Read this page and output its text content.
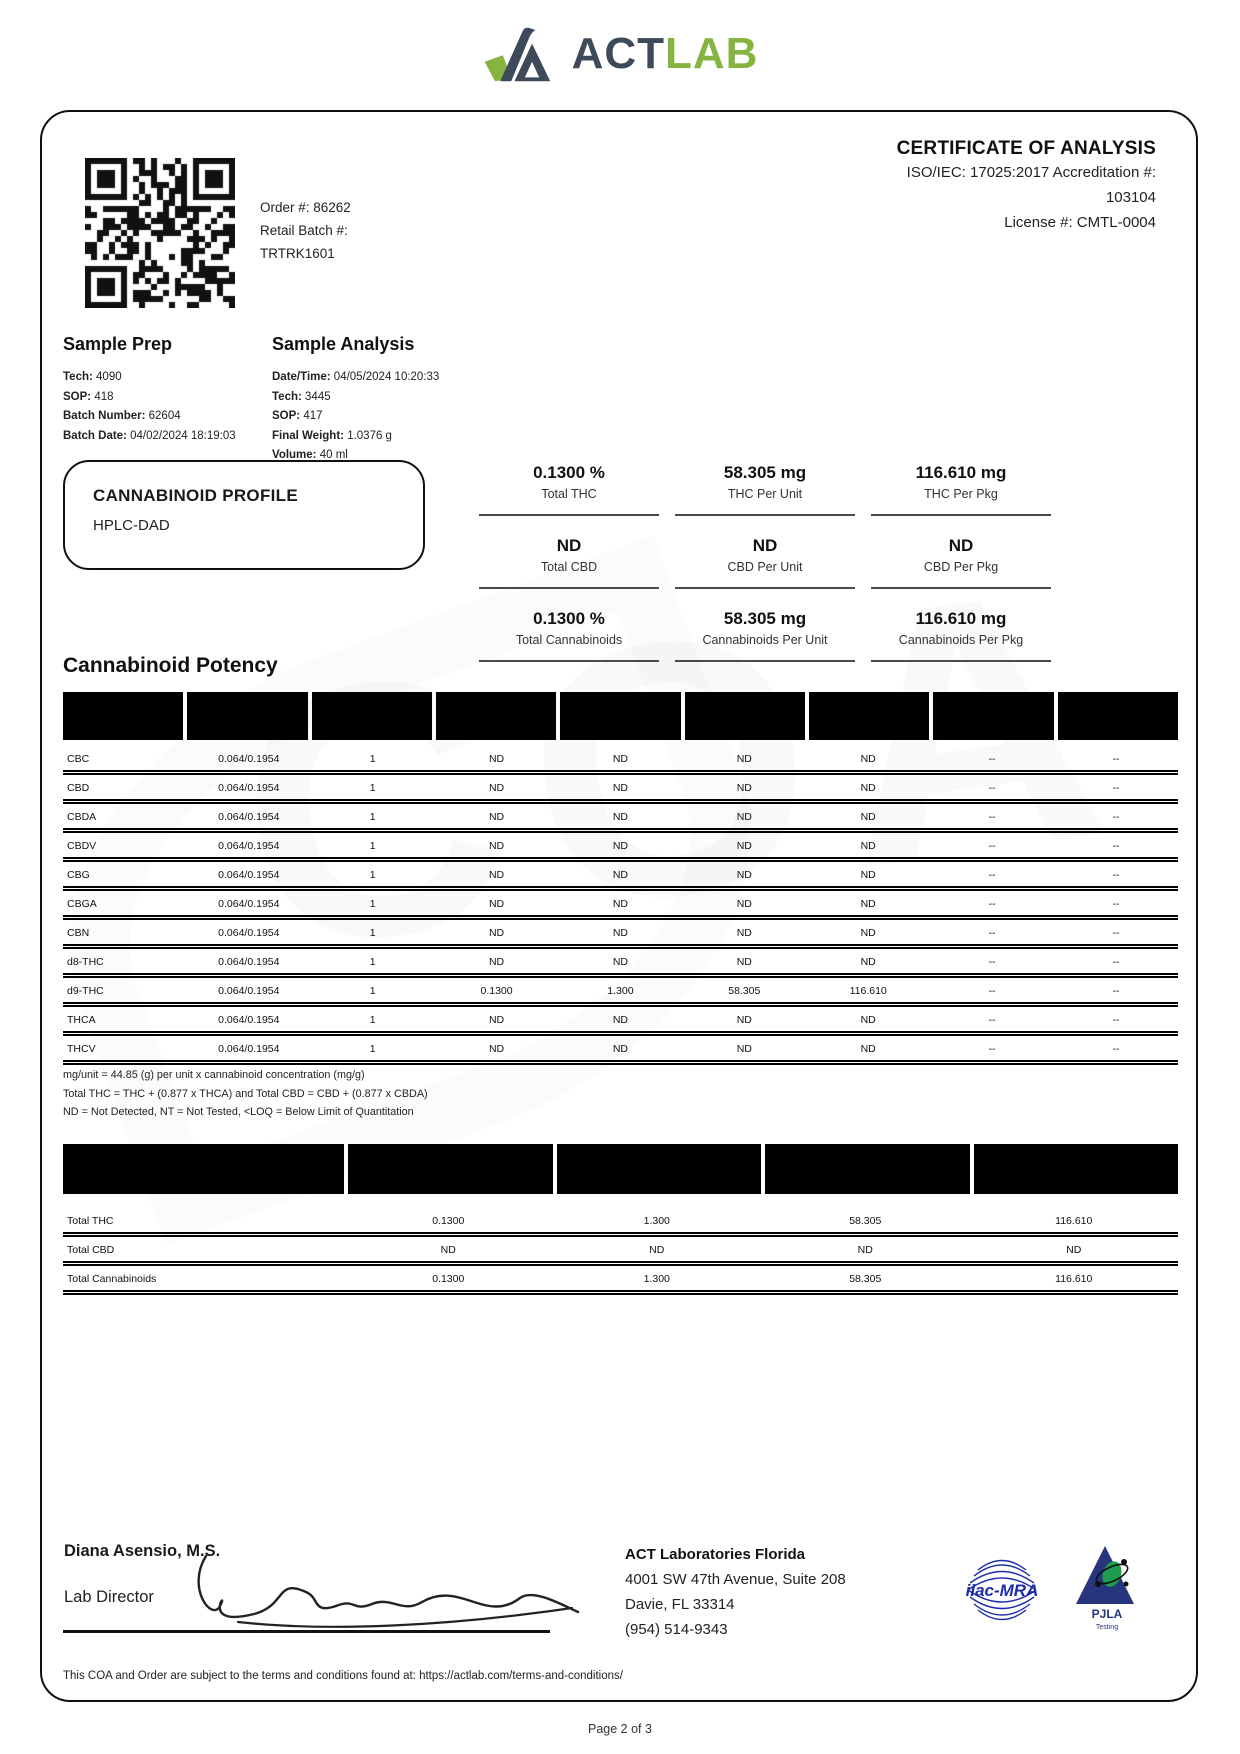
ACTLAB
Order #: 86262
Retail Batch #:
TRTRK1601
CERTIFICATE OF ANALYSIS
ISO/IEC: 17025:2017 Accreditation #:
103104
License #: CMTL-0004
Sample Prep
Tech: 4090
SOP: 418
Batch Number: 62604
Batch Date: 04/02/2024 18:19:03
Sample Analysis
Date/Time: 04/05/2024 10:20:33
Tech: 3445
SOP: 417
Final Weight: 1.0376 g
Volume: 40 ml
CANNABINOID PROFILE
HPLC-DAD
0.1300 %
Total THC
58.305 mg
THC Per Unit
116.610 mg
THC Per Pkg
ND
Total CBD
ND
CBD Per Unit
ND
CBD Per Pkg
0.1300 %
Total Cannabinoids
58.305 mg
Cannabinoids Per Unit
116.610 mg
Cannabinoids Per Pkg
Cannabinoid Potency
CBC	0.064/0.1954	1	ND	ND	ND	ND	--	--
CBD	0.064/0.1954	1	ND	ND	ND	ND	--	--
CBDA	0.064/0.1954	1	ND	ND	ND	ND	--	--
CBDV	0.064/0.1954	1	ND	ND	ND	ND	--	--
CBG	0.064/0.1954	1	ND	ND	ND	ND	--	--
CBGA	0.064/0.1954	1	ND	ND	ND	ND	--	--
CBN	0.064/0.1954	1	ND	ND	ND	ND	--	--
d8-THC	0.064/0.1954	1	ND	ND	ND	ND	--	--
d9-THC	0.064/0.1954	1	0.1300	1.300	58.305	116.610	--	--
THCA	0.064/0.1954	1	ND	ND	ND	ND	--	--
THCV	0.064/0.1954	1	ND	ND	ND	ND	--	--
mg/unit = 44.85 (g) per unit x cannabinoid concentration (mg/g)
Total THC = THC + (0.877 x THCA) and Total CBD = CBD + (0.877 x CBDA)
ND = Not Detected, NT = Not Tested, <LOQ = Below Limit of Quantitation
Total THC	0.1300	1.300	58.305	116.610
Total CBD	ND	ND	ND	ND
Total Cannabinoids	0.1300	1.300	58.305	116.610
Diana Asensio, M.S.
Lab Director
ACT Laboratories Florida
4001 SW 47th Avenue, Suite 208
Davie, FL 33314
(954) 514-9343
ilac-MRA
PJLA
Testing
This COA and Order are subject to the terms and conditions found at: https://actlab.com/terms-and-conditions/
Page 2 of 3
